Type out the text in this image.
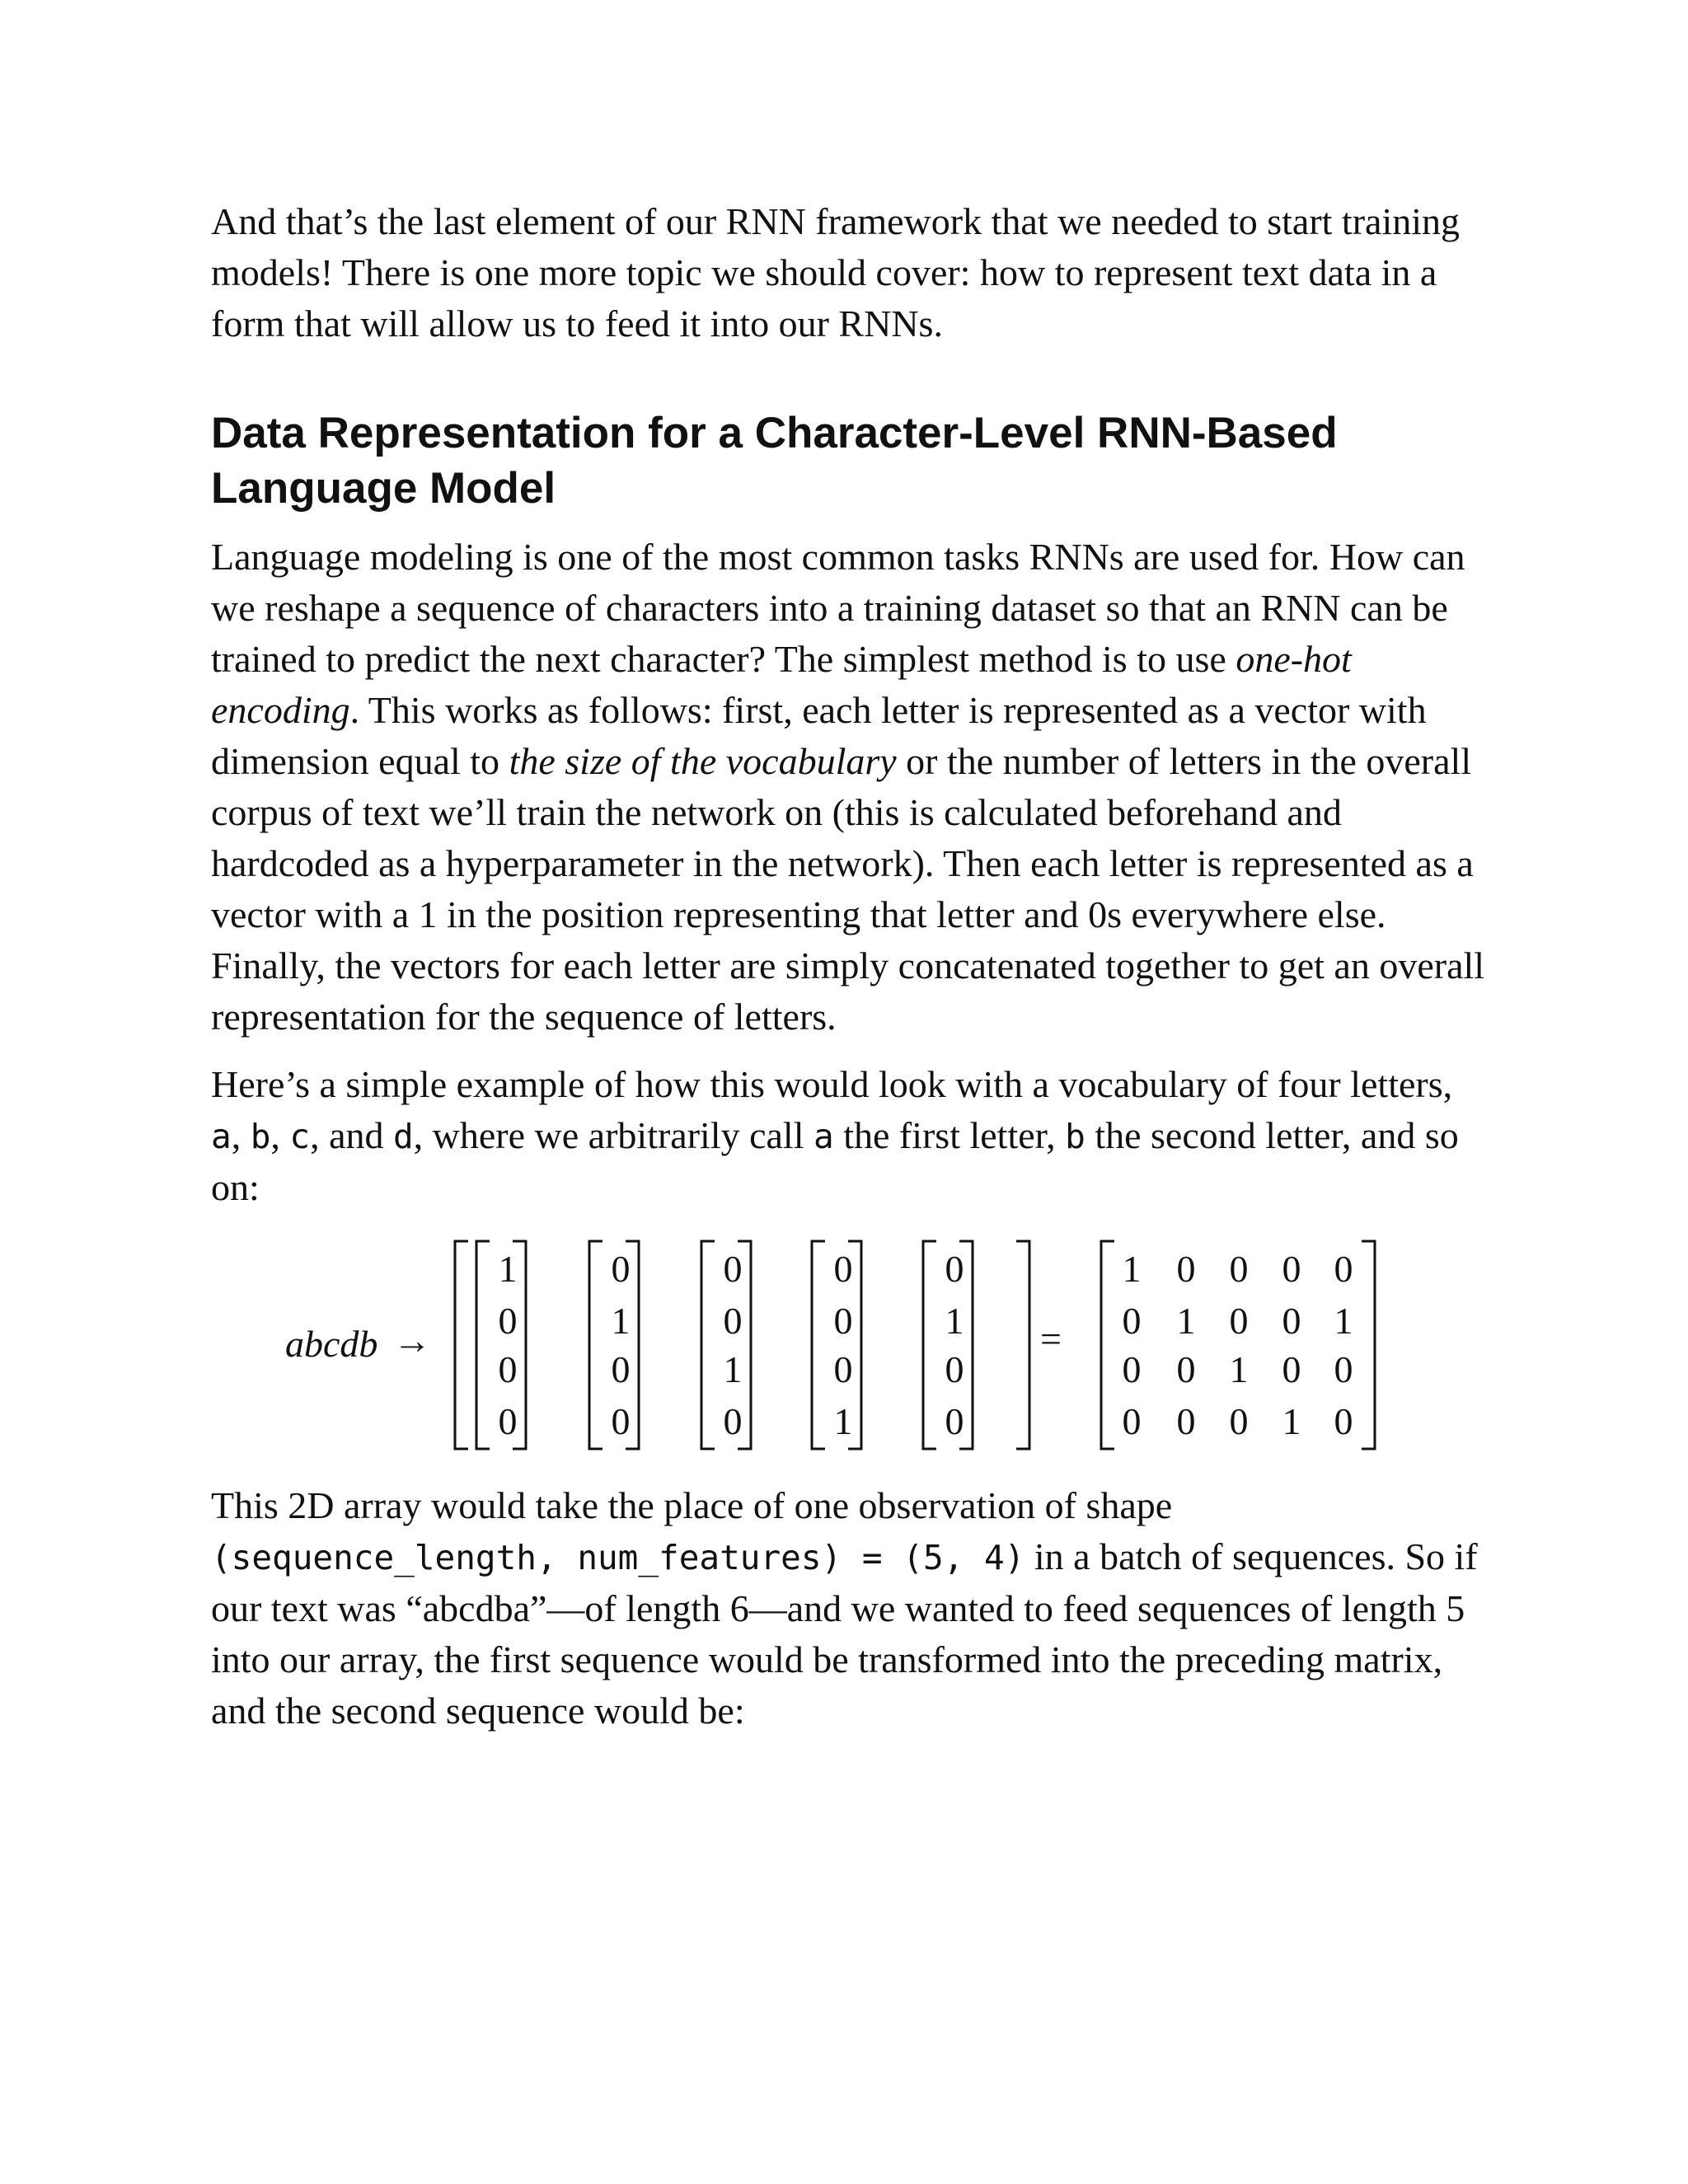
And that’s the last element of our RNN framework that we needed to start training models! There is one more topic we should cover: how to represent text data in a form that will allow us to feed it into our RNNs.

Data Representation for a Character-Level RNN-Based Language Model

Language modeling is one of the most common tasks RNNs are used for. How can we reshape a sequence of characters into a training dataset so that an RNN can be trained to predict the next character? The simplest method is to use one-hot encoding. This works as follows: first, each letter is represented as a vector with dimension equal to the size of the vocabulary or the number of letters in the overall corpus of text we’ll train the network on (this is calculated beforehand and hardcoded as a hyperparameter in the network). Then each letter is represented as a vector with a 1 in the position representing that letter and 0s everywhere else. Finally, the vectors for each letter are simply concatenated together to get an overall representation for the sequence of letters.

Here’s a simple example of how this would look with a vocabulary of four letters, a, b, c, and d, where we arbitrarily call a the first letter, b the second letter, and so on:

abcdb →
1
0
0
0
0
1
0
0
0
0
1
0
0
0
0
1
0
1
0
0
1 0 0 0 0
0 1 0 0 1
0 0 1 0 0
0 0 0 1 0
=

This 2D array would take the place of one observation of shape (sequence_length, num_features) = (5, 4) in a batch of sequences. So if our text was “abcdba”—of length 6—and we wanted to feed sequences of length 5 into our array, the first sequence would be transformed into the preceding matrix, and the second sequence would be:
